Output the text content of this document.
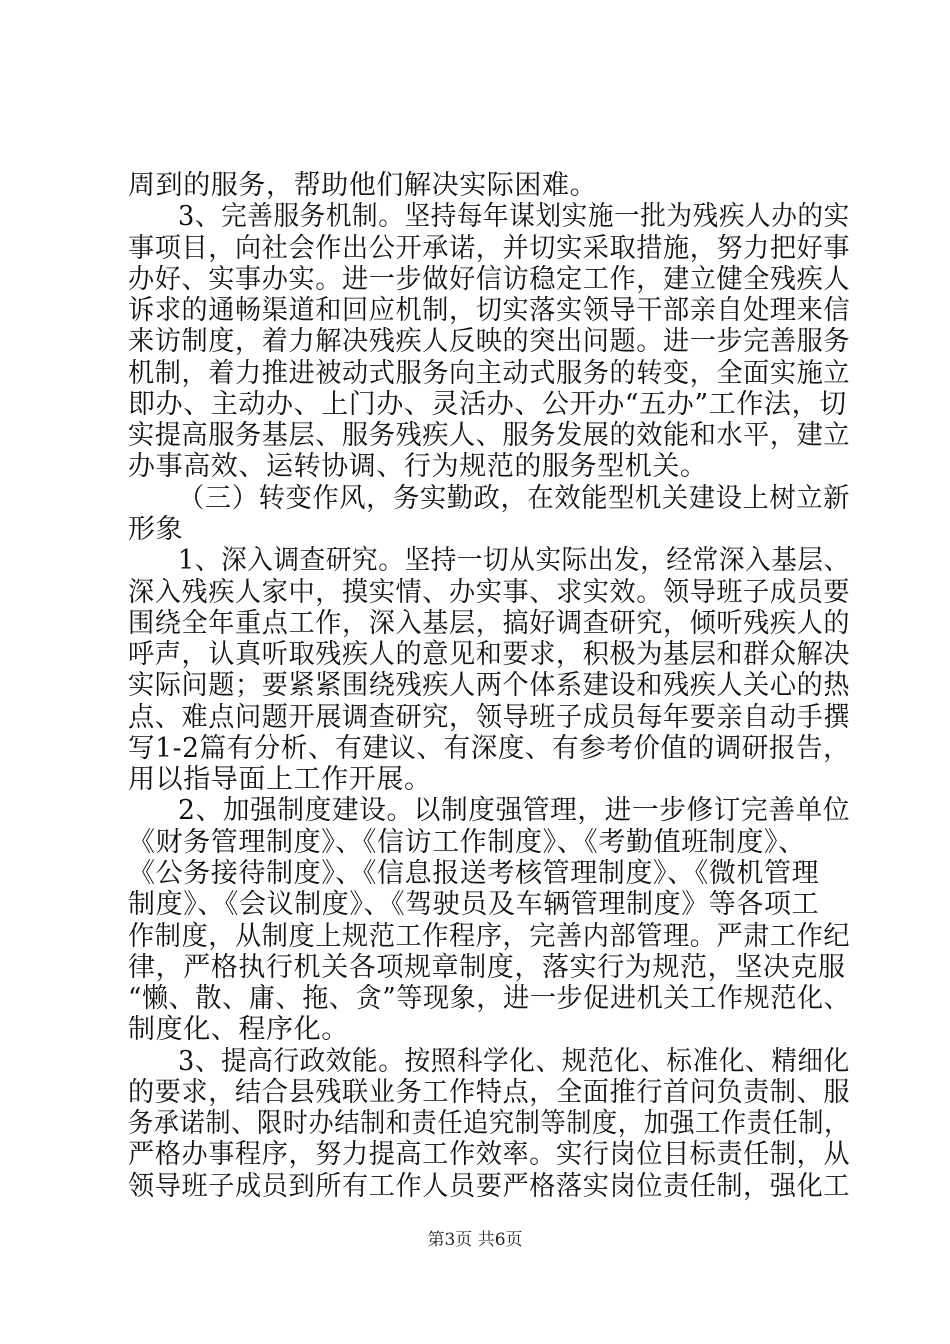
周到的服务，帮助他们解决实际困难。
3、完善服务机制。坚持每年谋划实施一批为残疾人办的实
事项目，向社会作出公开承诺，并切实采取措施，努力把好事
办好、实事办实。进一步做好信访稳定工作，建立健全残疾人
诉求的通畅渠道和回应机制，切实落实领导干部亲自处理来信
来访制度，着力解决残疾人反映的突出问题。进一步完善服务
机制，着力推进被动式服务向主动式服务的转变，全面实施立
即办、主动办、上门办、灵活办、公开办“五办”工作法，切
实提高服务基层、服务残疾人、服务发展的效能和水平，建立
办事高效、运转协调、行为规范的服务型机关。
（三）转变作风，务实勤政，在效能型机关建设上树立新
形象
1、深入调查研究。坚持一切从实际出发，经常深入基层、
深入残疾人家中，摸实情、办实事、求实效。领导班子成员要
围绕全年重点工作，深入基层，搞好调查研究，倾听残疾人的
呼声，认真听取残疾人的意见和要求，积极为基层和群众解决
实际问题；要紧紧围绕残疾人两个体系建设和残疾人关心的热
点、难点问题开展调查研究，领导班子成员每年要亲自动手撰
写1-2篇有分析、有建议、有深度、有参考价值的调研报告，
用以指导面上工作开展。
2、加强制度建设。以制度强管理，进一步修订完善单位
《财务管理制度》、《信访工作制度》、《考勤值班制度》、
《公务接待制度》、《信息报送考核管理制度》、《微机管理
制度》、《会议制度》、《驾驶员及车辆管理制度》等各项工
作制度，从制度上规范工作程序，完善内部管理。严肃工作纪
律，严格执行机关各项规章制度，落实行为规范，坚决克服
“懒、散、庸、拖、贪”等现象，进一步促进机关工作规范化、
制度化、程序化。
3、提高行政效能。按照科学化、规范化、标准化、精细化
的要求，结合县残联业务工作特点，全面推行首问负责制、服
务承诺制、限时办结制和责任追究制等制度，加强工作责任制，
严格办事程序，努力提高工作效率。实行岗位目标责任制，从
领导班子成员到所有工作人员要严格落实岗位责任制，强化工
第3页 共6页
